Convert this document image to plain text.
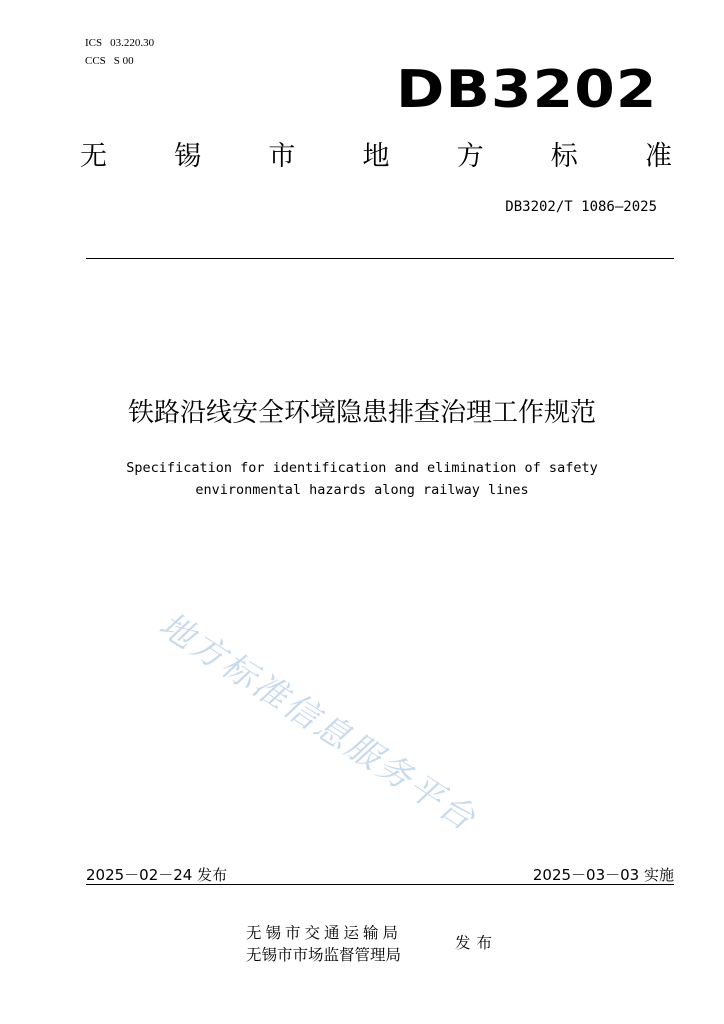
ICS 03.220.30
CCS S 00	DB3202
无 锡 市 地 方 标 准
DB3202/T 1086—2025
铁路沿线安全环境隐患排查治理工作规范
Specification for identification and elimination of safety
environmental hazards along railway lines
地方标准信息服务平台
2025－02－24 发布	2025－03－03 实施
无锡市交通运输局
无锡市市场监督管理局
发布
